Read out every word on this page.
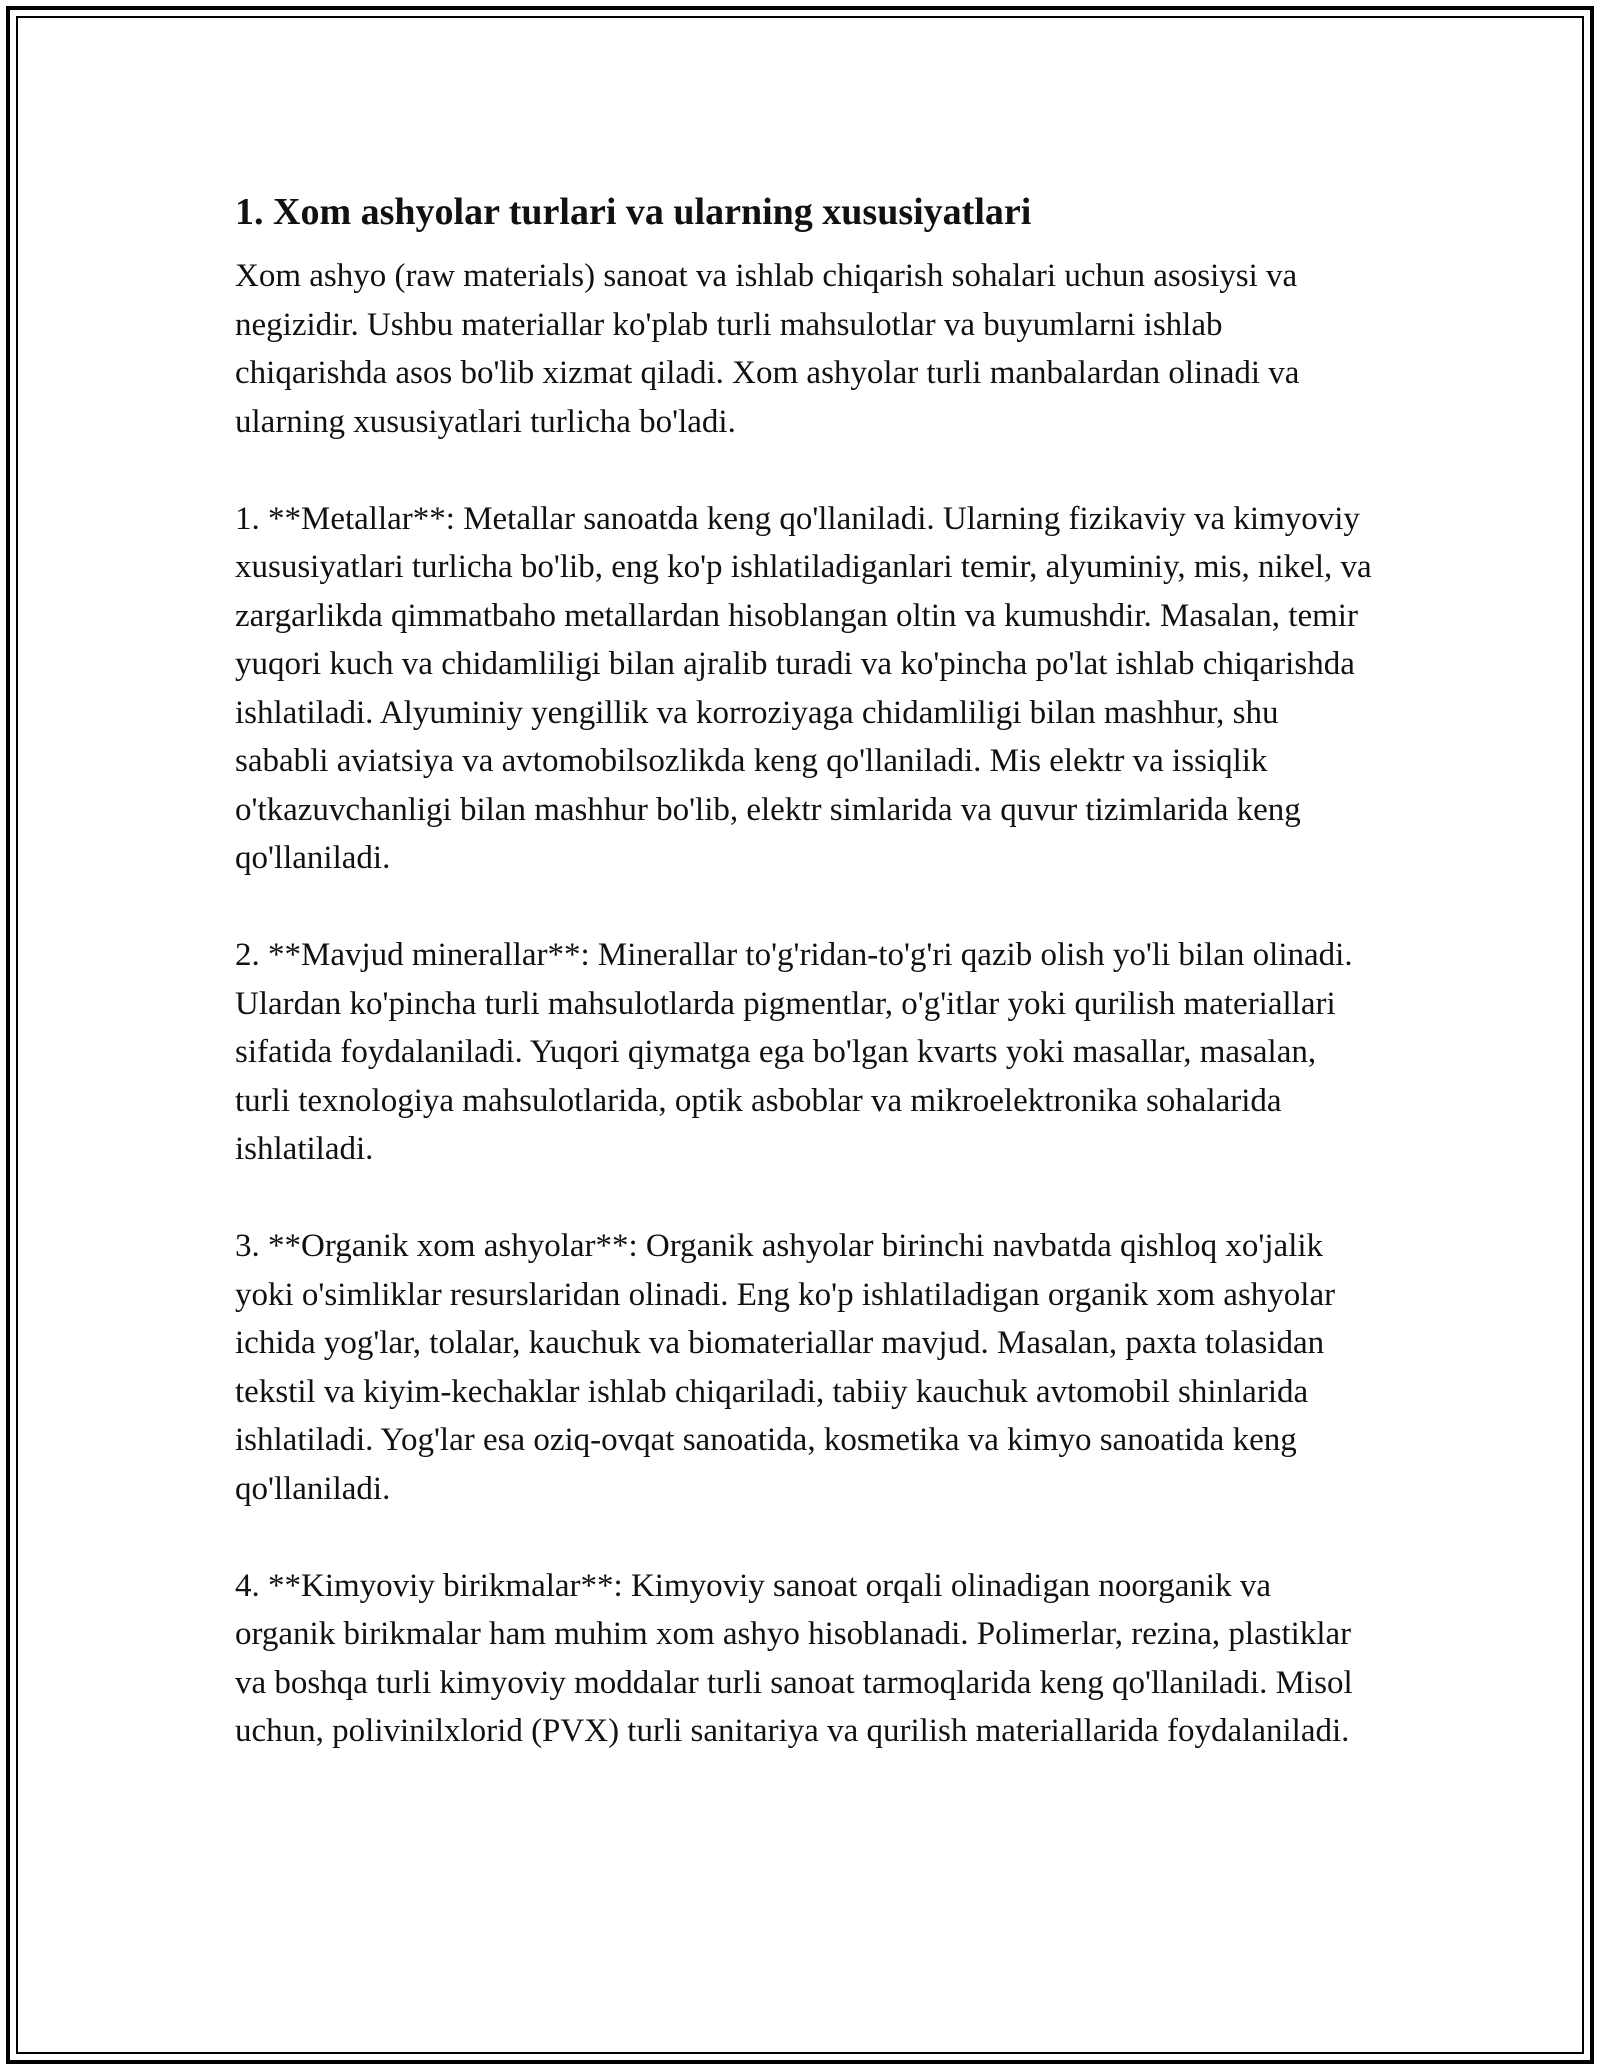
1. Xom ashyolar turlari va ularning xususiyatlari

Xom ashyo (raw materials) sanoat va ishlab chiqarish sohalari uchun asosiysi va negizidir. Ushbu materiallar ko'plab turli mahsulotlar va buyumlarni ishlab chiqarishda asos bo'lib xizmat qiladi. Xom ashyolar turli manbalardan olinadi va ularning xususiyatlari turlicha bo'ladi.

1. **Metallar**: Metallar sanoatda keng qo'llaniladi. Ularning fizikaviy va kimyoviy xususiyatlari turlicha bo'lib, eng ko'p ishlatiladiganlari temir, alyuminiy, mis, nikel, va zargarlikda qimmatbaho metallardan hisoblangan oltin va kumushdir. Masalan, temir yuqori kuch va chidamliligi bilan ajralib turadi va ko'pincha po'lat ishlab chiqarishda ishlatiladi. Alyuminiy yengillik va korroziyaga chidamliligi bilan mashhur, shu sababli aviatsiya va avtomobilsozlikda keng qo'llaniladi. Mis elektr va issiqlik o'tkazuvchanligi bilan mashhur bo'lib, elektr simlarida va quvur tizimlarida keng qo'llaniladi.

2. **Mavjud minerallar**: Minerallar to'g'ridan-to'g'ri qazib olish yo'li bilan olinadi. Ulardan ko'pincha turli mahsulotlarda pigmentlar, o'g'itlar yoki qurilish materiallari sifatida foydalaniladi. Yuqori qiymatga ega bo'lgan kvarts yoki masallar, masalan, turli texnologiya mahsulotlarida, optik asboblar va mikroelektronika sohalarida ishlatiladi.

3. **Organik xom ashyolar**: Organik ashyolar birinchi navbatda qishloq xo'jalik yoki o'simliklar resurslaridan olinadi. Eng ko'p ishlatiladigan organik xom ashyolar ichida yog'lar, tolalar, kauchuk va biomateriallar mavjud. Masalan, paxta tolasidan tekstil va kiyim-kechaklar ishlab chiqariladi, tabiiy kauchuk avtomobil shinlarida ishlatiladi. Yog'lar esa oziq-ovqat sanoatida, kosmetika va kimyo sanoatida keng qo'llaniladi.

4. **Kimyoviy birikmalar**: Kimyoviy sanoat orqali olinadigan noorganik va organik birikmalar ham muhim xom ashyo hisoblanadi. Polimerlar, rezina, plastiklar va boshqa turli kimyoviy moddalar turli sanoat tarmoqlarida keng qo'llaniladi. Misol uchun, polivinilxlorid (PVX) turli sanitariya va qurilish materiallarida foydalaniladi.
